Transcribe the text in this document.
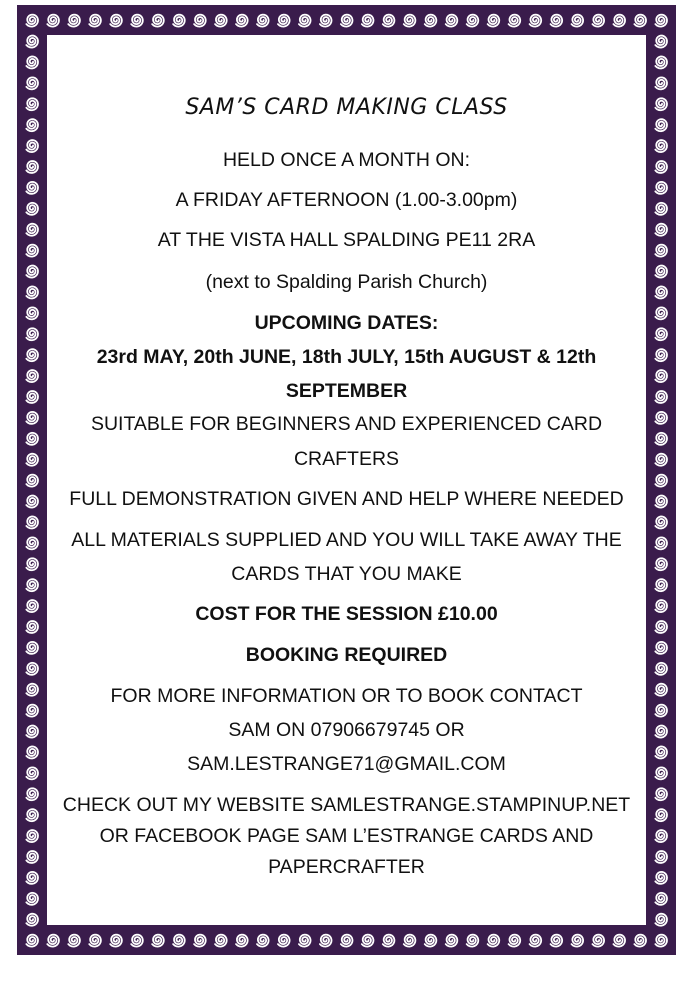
SAM’S CARD MAKING CLASS
HELD ONCE A MONTH ON:
A FRIDAY AFTERNOON (1.00-3.00pm)
AT THE VISTA HALL SPALDING PE11 2RA
(next to Spalding Parish Church)
UPCOMING DATES:
23rd MAY, 20th JUNE, 18th JULY, 15th AUGUST & 12th
SEPTEMBER
SUITABLE FOR BEGINNERS AND EXPERIENCED CARD
CRAFTERS
FULL DEMONSTRATION GIVEN AND HELP WHERE NEEDED
ALL MATERIALS SUPPLIED AND YOU WILL TAKE AWAY THE
CARDS THAT YOU MAKE
COST FOR THE SESSION £10.00
BOOKING REQUIRED
FOR MORE INFORMATION OR TO BOOK CONTACT
SAM ON 07906679745 OR
SAM.LESTRANGE71@GMAIL.COM
CHECK OUT MY WEBSITE SAMLESTRANGE.STAMPINUP.NET
OR FACEBOOK PAGE SAM L’ESTRANGE CARDS AND
PAPERCRAFTER
